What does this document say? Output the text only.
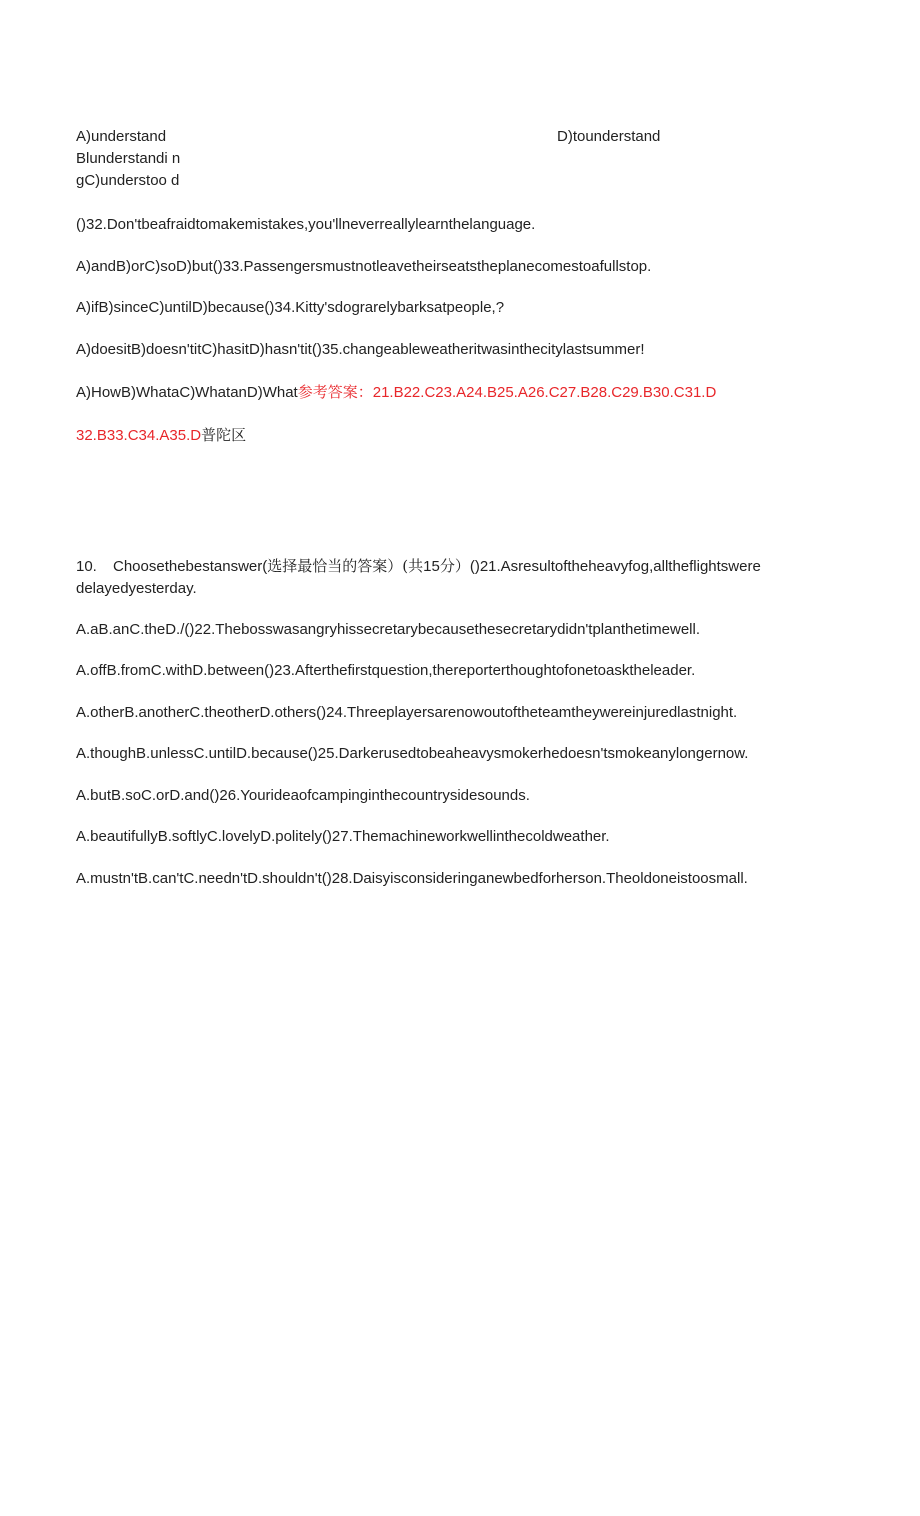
A)understand
Blunderstandi ngC)understoo d
D)tounderstand
()32.Don'tbeafraidtomakemistakes,you'llneverreallylearnthelanguage.
A)andB)orC)soD)but()33.Passengersmustnotleavetheirseatstheplanecomestoafullstop.
A)ifB)sinceC)untilD)because()34.Kitty'sdograrelybarksatpeople,?
A)doesitB)doesn'titC)hasitD)hasn'tit()35.changeableweatheritwasinthecitylastsummer!
A)HowB)WhataC)WhatanD)What参考答案：21.B22.C23.A24.B25.A26.C27.B28.C29.B30.C31.D
32.B33.C34.A35.D普陀区
10. Choosethebestanswer(选择最恰当的答案）(共15分）()21.Asresultoftheheavyfog,alltheflightswere delayedyesterday.
A.aB.anC.theD./()22.Thebosswasangryhissecretarybecausethesecretarydidn'tplanthetimewell.
A.offB.fromC.withD.between()23.Afterthefirstquestion,thereporterthoughtofonetoasktheleader.
A.otherB.anotherC.theotherD.others()24.Threeplayersarenowoutoftheteamtheywereinjuredlastnight.
A.thoughB.unlessC.untilD.because()25.Darkerusedtobeaheavysmokerhedoesn'tsmokeanylongernow.
A.butB.soC.orD.and()26.Yourideaofcampinginthecountrysidesounds.
A.beautifullyB.softlyC.lovelyD.politely()27.Themachineworkwellinthecoldweather.
A.mustn'tB.can'tC.needn'tD.shouldn't()28.Daisyisconsideringanewbedforherson.Theoldoneistoosmall.
